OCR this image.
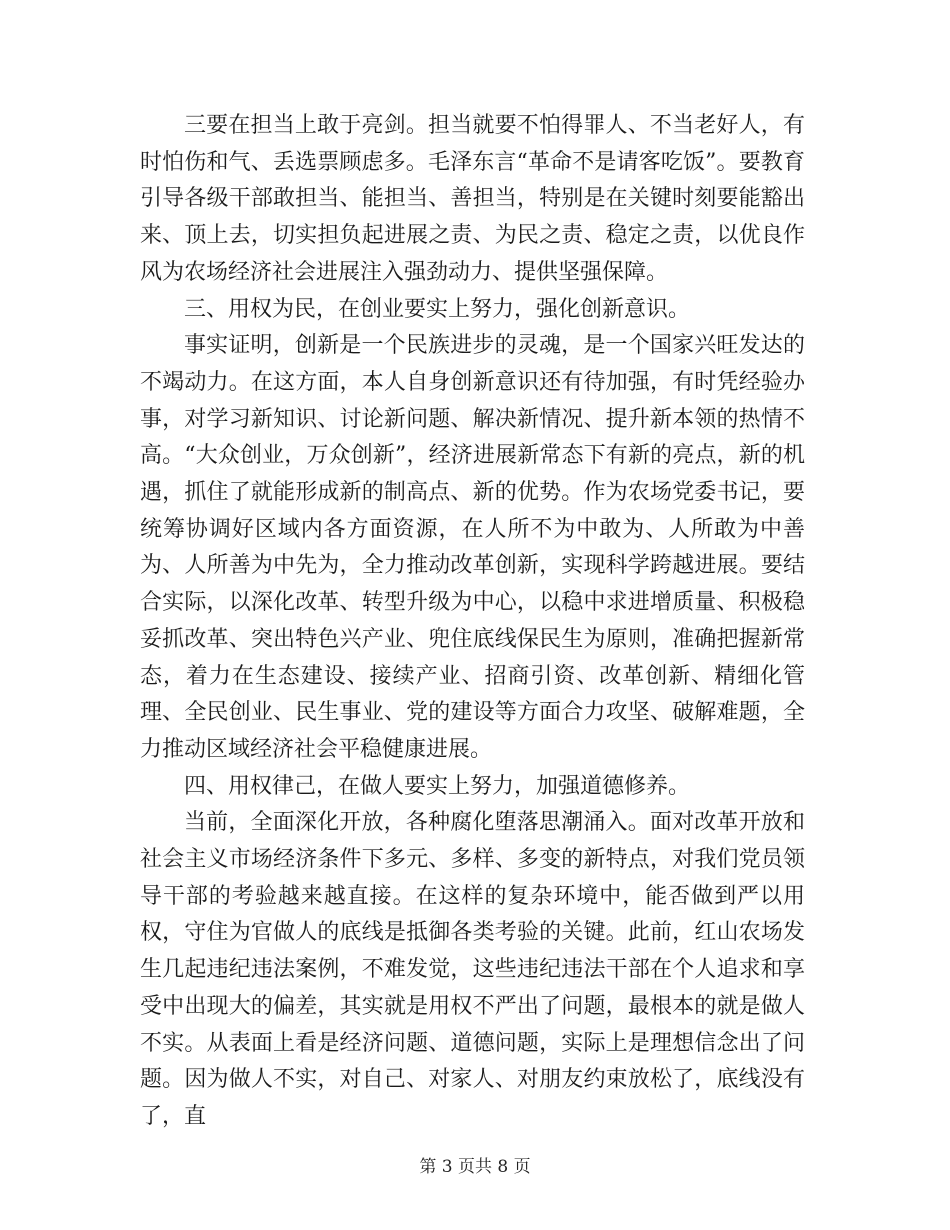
三要在担当上敢于亮剑。担当就要不怕得罪人、不当老好人，有时怕伤和气、丢选票顾虑多。毛泽东言“革命不是请客吃饭”。要教育引导各级干部敢担当、能担当、善担当，特别是在关键时刻要能豁出来、顶上去，切实担负起进展之责、为民之责、稳定之责，以优良作风为农场经济社会进展注入强劲动力、提供坚强保障。

三、用权为民，在创业要实上努力，强化创新意识。

事实证明，创新是一个民族进步的灵魂，是一个国家兴旺发达的不竭动力。在这方面，本人自身创新意识还有待加强，有时凭经验办事，对学习新知识、讨论新问题、解决新情况、提升新本领的热情不高。“大众创业，万众创新”，经济进展新常态下有新的亮点，新的机遇，抓住了就能形成新的制高点、新的优势。作为农场党委书记，要统筹协调好区域内各方面资源，在人所不为中敢为、人所敢为中善为、人所善为中先为，全力推动改革创新，实现科学跨越进展。要结合实际，以深化改革、转型升级为中心，以稳中求进增质量、积极稳妥抓改革、突出特色兴产业、兜住底线保民生为原则，准确把握新常态，着力在生态建设、接续产业、招商引资、改革创新、精细化管理、全民创业、民生事业、党的建设等方面合力攻坚、破解难题，全力推动区域经济社会平稳健康进展。

四、用权律己，在做人要实上努力，加强道德修养。

当前，全面深化开放，各种腐化堕落思潮涌入。面对改革开放和社会主义市场经济条件下多元、多样、多变的新特点，对我们党员领导干部的考验越来越直接。在这样的复杂环境中，能否做到严以用权，守住为官做人的底线是抵御各类考验的关键。此前，红山农场发生几起违纪违法案例，不难发觉，这些违纪违法干部在个人追求和享受中出现大的偏差，其实就是用权不严出了问题，最根本的就是做人不实。从表面上看是经济问题、道德问题，实际上是理想信念出了问题。因为做人不实，对自己、对家人、对朋友约束放松了，底线没有了，直

第 3 页共 8 页
